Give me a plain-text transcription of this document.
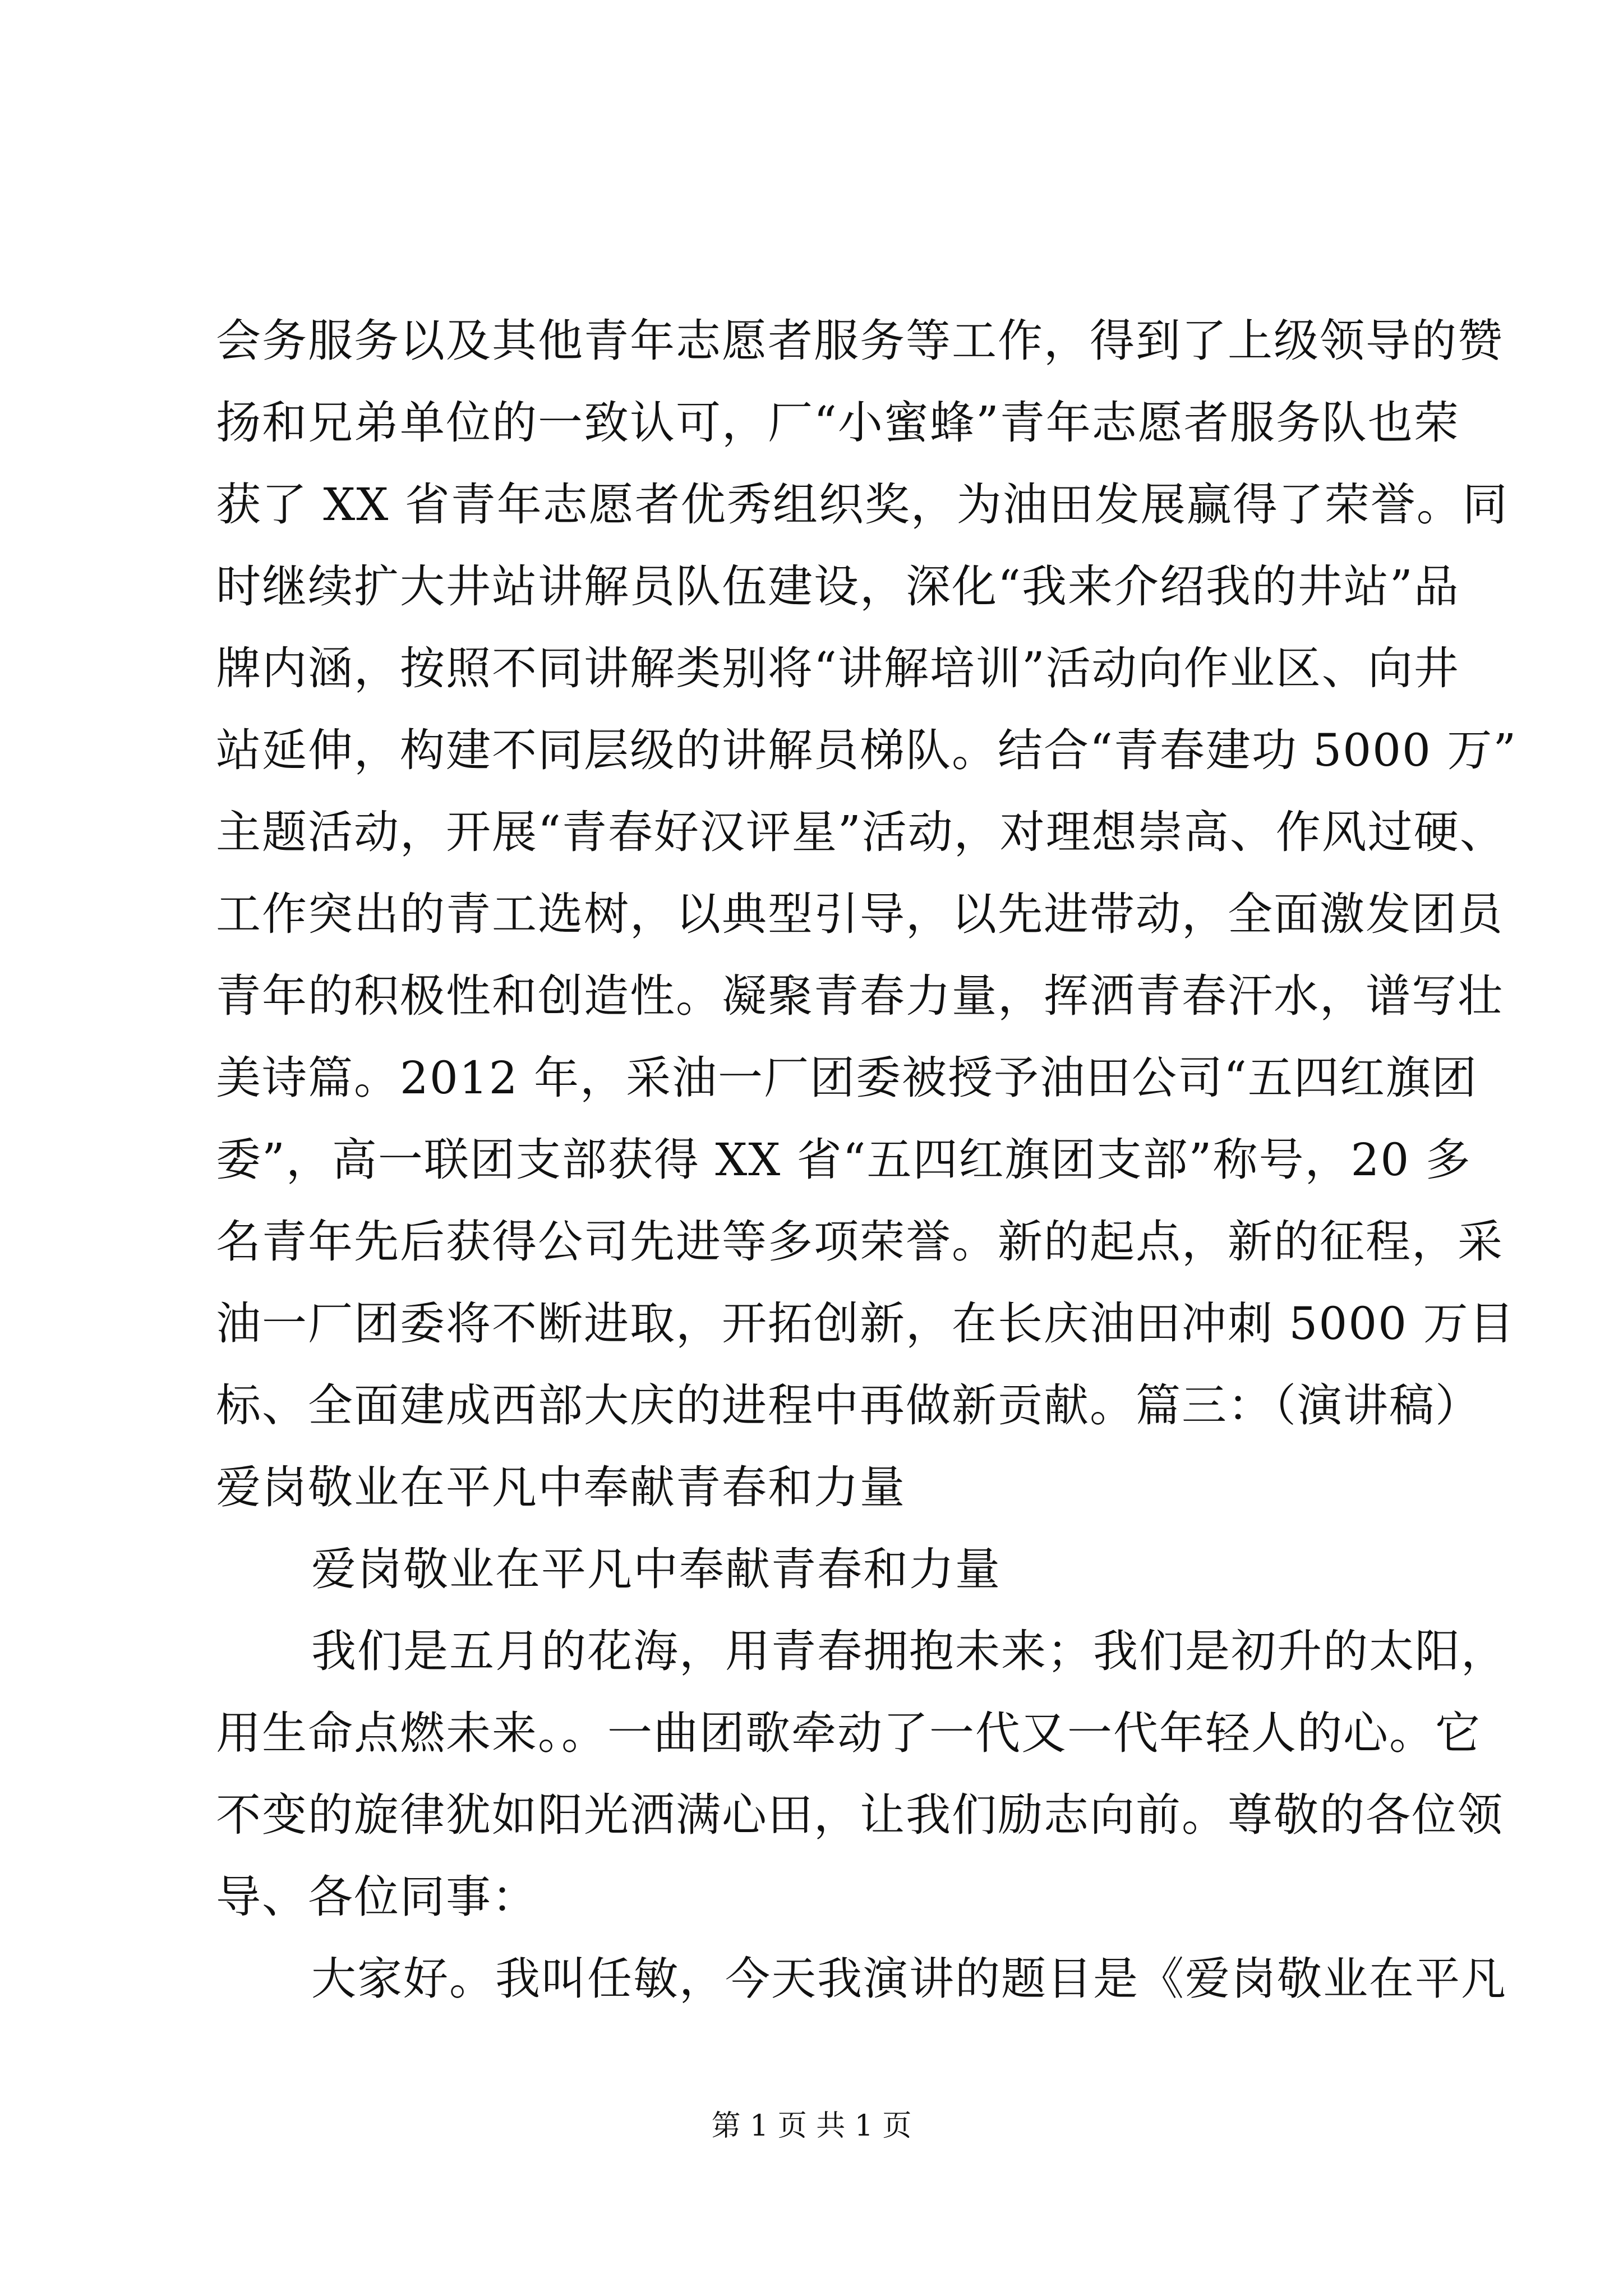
会务服务以及其他青年志愿者服务等工作，得到了上级领导的赞
扬和兄弟单位的一致认可，厂“小蜜蜂”青年志愿者服务队也荣
获了 XX 省青年志愿者优秀组织奖，为油田发展赢得了荣誉。同
时继续扩大井站讲解员队伍建设，深化“我来介绍我的井站”品
牌内涵，按照不同讲解类别将“讲解培训”活动向作业区、向井
站延伸，构建不同层级的讲解员梯队。结合“青春建功 5000 万”
主题活动，开展“青春好汉评星”活动，对理想崇高、作风过硬、
工作突出的青工选树，以典型引导，以先进带动，全面激发团员
青年的积极性和创造性。凝聚青春力量，挥洒青春汗水，谱写壮
美诗篇。2012 年，采油一厂团委被授予油田公司“五四红旗团
委”，高一联团支部获得 XX 省“五四红旗团支部”称号，20 多
名青年先后获得公司先进等多项荣誉。新的起点，新的征程，采
油一厂团委将不断进取，开拓创新，在长庆油田冲刺 5000 万目
标、全面建成西部大庆的进程中再做新贡献。篇三：（演讲稿）
爱岗敬业在平凡中奉献青春和力量
爱岗敬业在平凡中奉献青春和力量
我们是五月的花海，用青春拥抱未来；我们是初升的太阳，
用生命点燃未来。。一曲团歌牵动了一代又一代年轻人的心。它
不变的旋律犹如阳光洒满心田，让我们励志向前。尊敬的各位领
导、各位同事：
大家好。我叫任敏，今天我演讲的题目是《爱岗敬业在平凡
第 1 页 共 1 页
